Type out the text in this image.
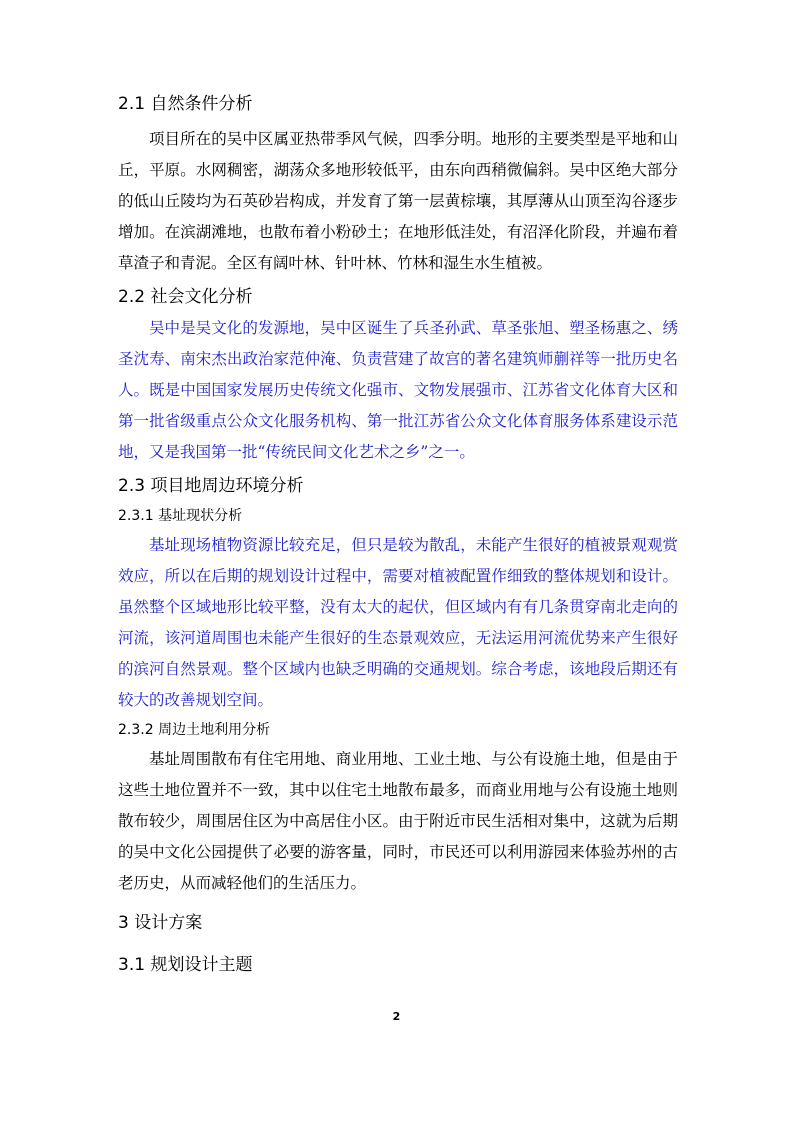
2.1 自然条件分析

项目所在的吴中区属亚热带季风气候，四季分明。地形的主要类型是平地和山丘，平原。水网稠密，湖荡众多地形较低平，由东向西稍微偏斜。吴中区绝大部分的低山丘陵均为石英砂岩构成，并发育了第一层黄棕壤，其厚薄从山顶至沟谷逐步增加。在滨湖滩地，也散布着小粉砂土；在地形低洼处，有沼泽化阶段，并遍布着草渣子和青泥。全区有阔叶林、针叶林、竹林和湿生水生植被。

2.2 社会文化分析

吴中是吴文化的发源地，吴中区诞生了兵圣孙武、草圣张旭、塑圣杨惠之、绣圣沈寿、南宋杰出政治家范仲淹、负责营建了故宫的著名建筑师蒯祥等一批历史名人。既是中国国家发展历史传统文化强市、文物发展强市、江苏省文化体育大区和第一批省级重点公众文化服务机构、第一批江苏省公众文化体育服务体系建设示范地，又是我国第一批“传统民间文化艺术之乡”之一。

2.3 项目地周边环境分析
2.3.1 基址现状分析

基址现场植物资源比较充足，但只是较为散乱，未能产生很好的植被景观观赏效应，所以在后期的规划设计过程中，需要对植被配置作细致的整体规划和设计。虽然整个区域地形比较平整，没有太大的起伏，但区域内有有几条贯穿南北走向的河流，该河道周围也未能产生很好的生态景观效应，无法运用河流优势来产生很好的滨河自然景观。整个区域内也缺乏明确的交通规划。综合考虑，该地段后期还有较大的改善规划空间。

2.3.2 周边土地利用分析

基址周围散布有住宅用地、商业用地、工业土地、与公有设施土地，但是由于这些土地位置并不一致，其中以住宅土地散布最多，而商业用地与公有设施土地则散布较少，周围居住区为中高居住小区。由于附近市民生活相对集中，这就为后期的吴中文化公园提供了必要的游客量，同时，市民还可以利用游园来体验苏州的古老历史，从而减轻他们的生活压力。

3 设计方案
3.1 规划设计主题
2
